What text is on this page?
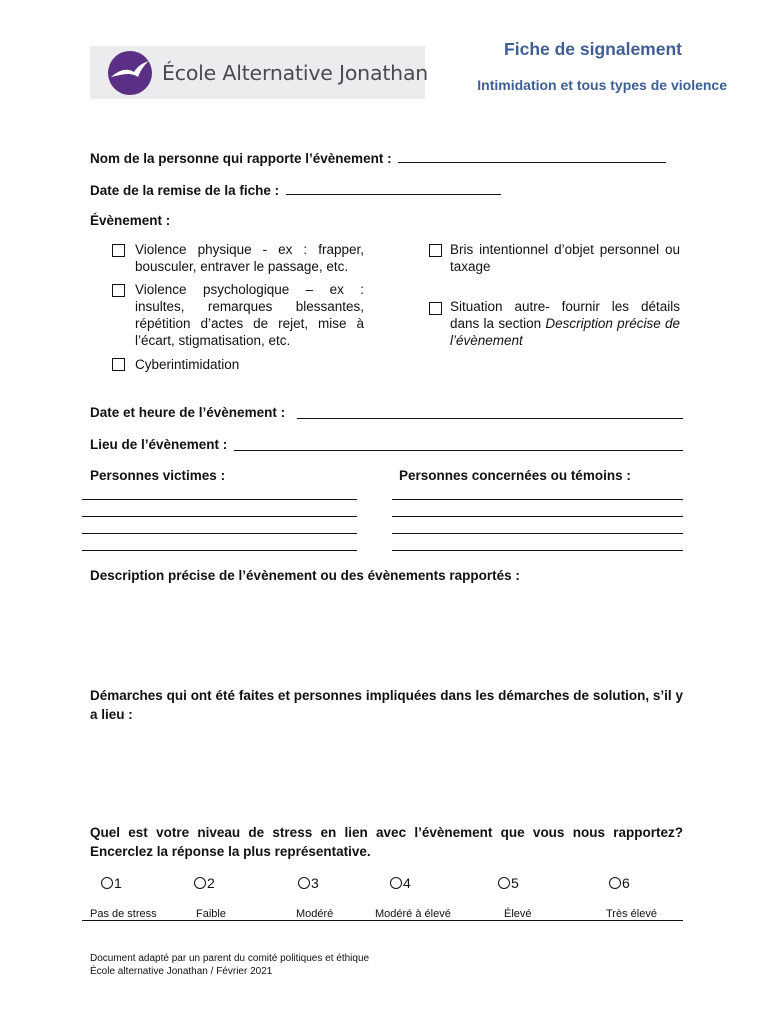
École Alternative Jonathan
Fiche de signalement
Intimidation et tous types de violence
Nom de la personne qui rapporte l’évènement :
Date de la remise de la fiche :
Évènement :
Violence physique - ex : frapper, bousculer, entraver le passage, etc.
Violence psychologique – ex : insultes, remarques blessantes, répétition d’actes de rejet, mise à l’écart, stigmatisation, etc.
Cyberintimidation
Bris intentionnel d’objet personnel ou taxage
Situation autre- fournir les détails dans la section Description précise de l’évènement
Date et heure de l’évènement :
Lieu de l’évènement :
Personnes victimes :	Personnes concernées ou témoins :
Description précise de l’évènement ou des évènements rapportés :
Démarches qui ont été faites et personnes impliquées dans les démarches de solution, s’il y a lieu :
Quel est votre niveau de stress en lien avec l’évènement que vous nous rapportez? Encerclez la réponse la plus représentative.
1	2	3	4	5	6
Pas de stress	Faible	Modéré	Modéré à élevé	Élevé	Très élevé
Document adapté par un parent du comité politiques et éthique
École alternative Jonathan / Février 2021
